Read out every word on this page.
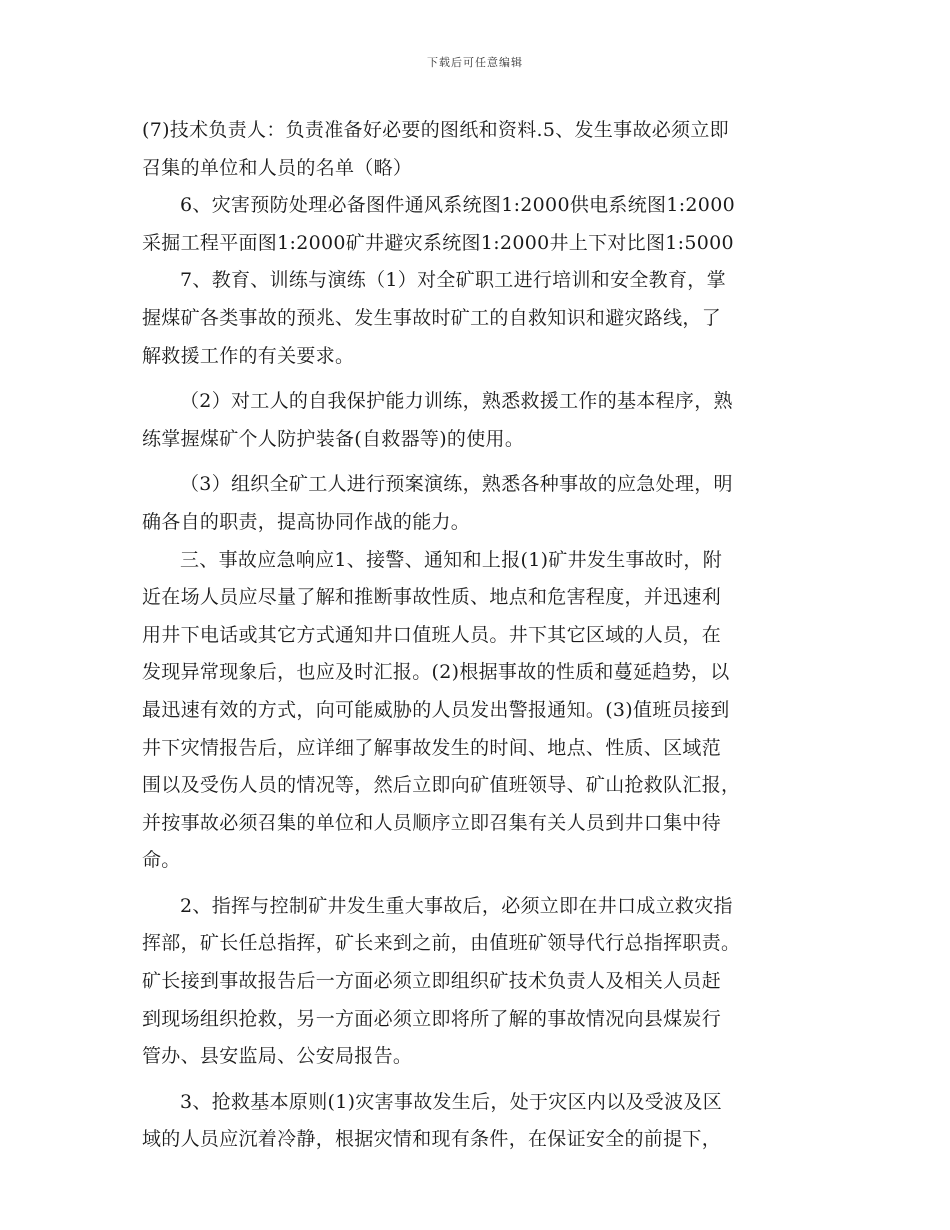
下载后可任意编辑
(7)技术负责人：负责准备好必要的图纸和资料.5、发生事故必须立即
召集的单位和人员的名单（略）
6、灾害预防处理必备图件通风系统图1:2000供电系统图1:2000
采掘工程平面图1:2000矿井避灾系统图1:2000井上下对比图1:5000
7、教育、训练与演练（1）对全矿职工进行培训和安全教育，掌
握煤矿各类事故的预兆、发生事故时矿工的自救知识和避灾路线，了
解救援工作的有关要求。
（2）对工人的自我保护能力训练，熟悉救援工作的基本程序，熟
练掌握煤矿个人防护装备(自救器等)的使用。
（3）组织全矿工人进行预案演练，熟悉各种事故的应急处理，明
确各自的职责，提高协同作战的能力。
三、事故应急响应1、接警、通知和上报(1)矿井发生事故时，附
近在场人员应尽量了解和推断事故性质、地点和危害程度，并迅速利
用井下电话或其它方式通知井口值班人员。井下其它区域的人员，在
发现异常现象后，也应及时汇报。(2)根据事故的性质和蔓延趋势，以
最迅速有效的方式，向可能威胁的人员发出警报通知。(3)值班员接到
井下灾情报告后，应详细了解事故发生的时间、地点、性质、区域范
围以及受伤人员的情况等，然后立即向矿值班领导、矿山抢救队汇报，
并按事故必须召集的单位和人员顺序立即召集有关人员到井口集中待
命。
2、指挥与控制矿井发生重大事故后，必须立即在井口成立救灾指
挥部，矿长任总指挥，矿长来到之前，由值班矿领导代行总指挥职责。
矿长接到事故报告后一方面必须立即组织矿技术负责人及相关人员赶
到现场组织抢救，另一方面必须立即将所了解的事故情况向县煤炭行
管办、县安监局、公安局报告。
3、抢救基本原则(1)灾害事故发生后，处于灾区内以及受波及区
域的人员应沉着冷静，根据灾情和现有条件，在保证安全的前提下，
